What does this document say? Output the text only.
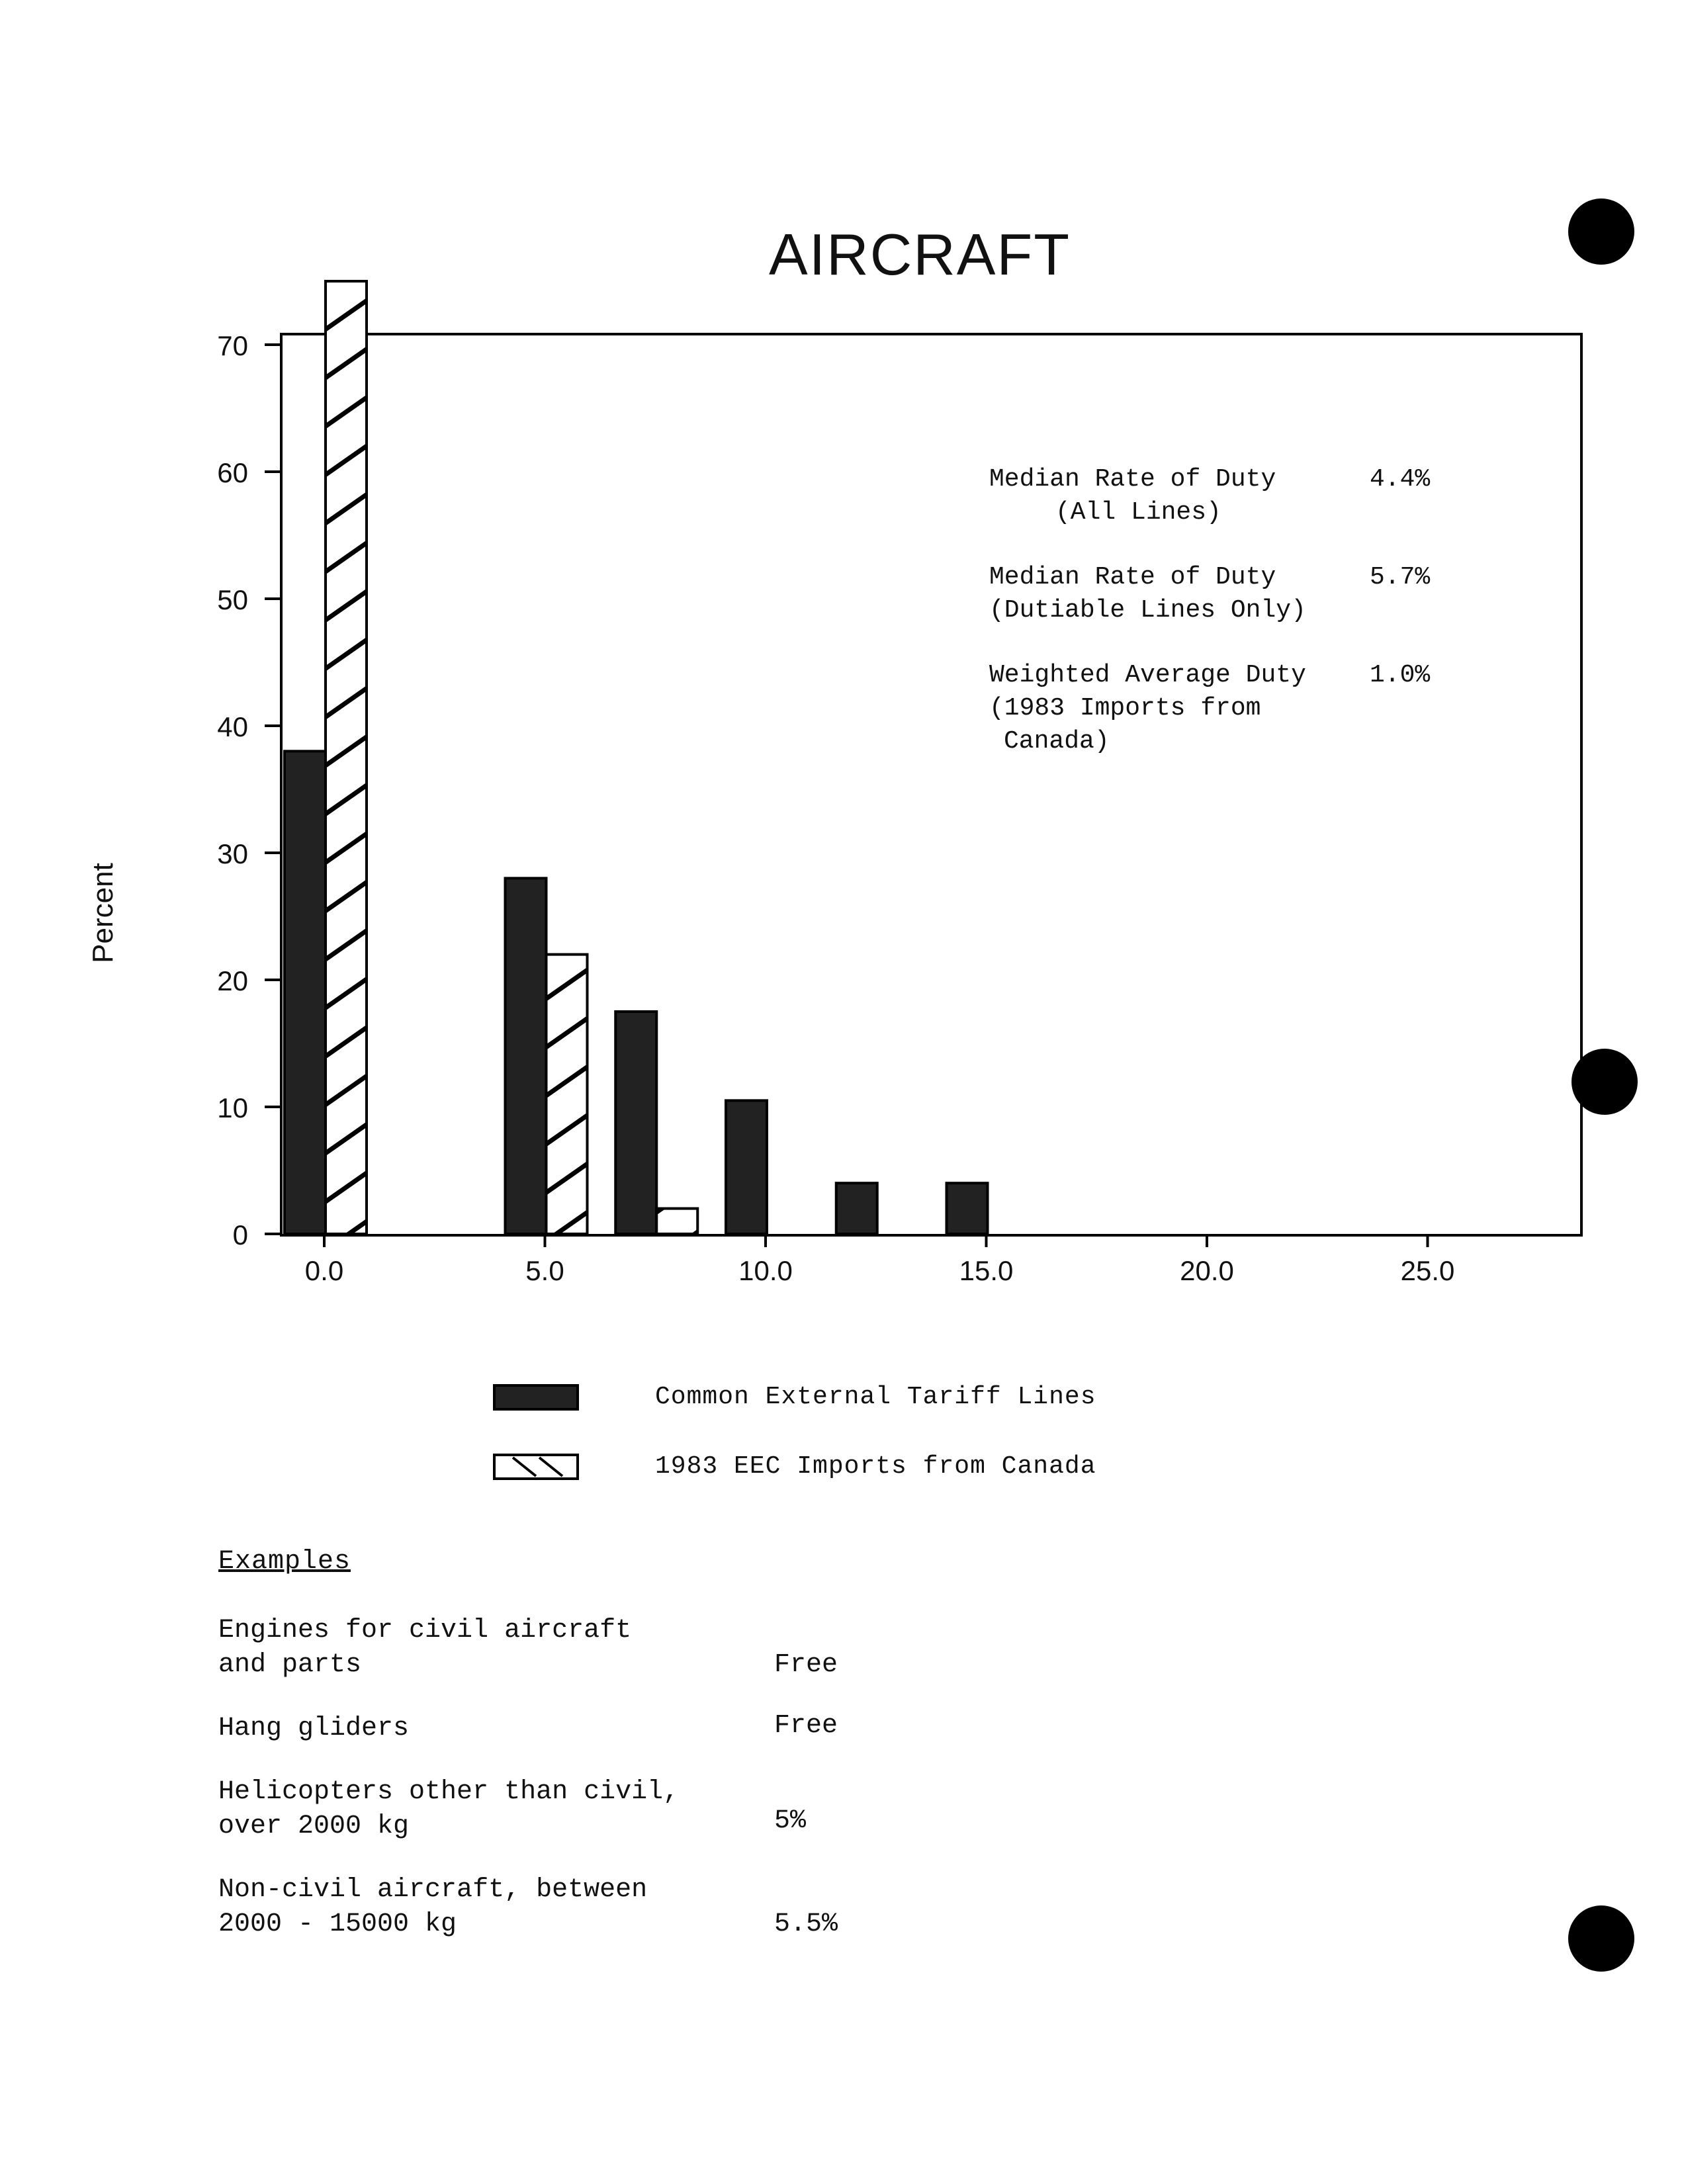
AIRCRAFT
Percent
0
10
20
30
40
50
60
70
0.0	5.0	10.0	15.0	20.0	25.0
Median Rate of Duty
(All Lines)
4.4%
Median Rate of Duty
(Dutiable Lines Only)
5.7%
Weighted Average Duty
(1983 Imports from
Canada)
1.0%
Common External Tariff Lines
1983 EEC Imports from Canada
Examples
Engines for civil aircraft
and parts	Free
Hang gliders	Free
Helicopters other than civil,
over 2000 kg	5%
Non-civil aircraft, between
2000 - 15000 kg	5.5%
